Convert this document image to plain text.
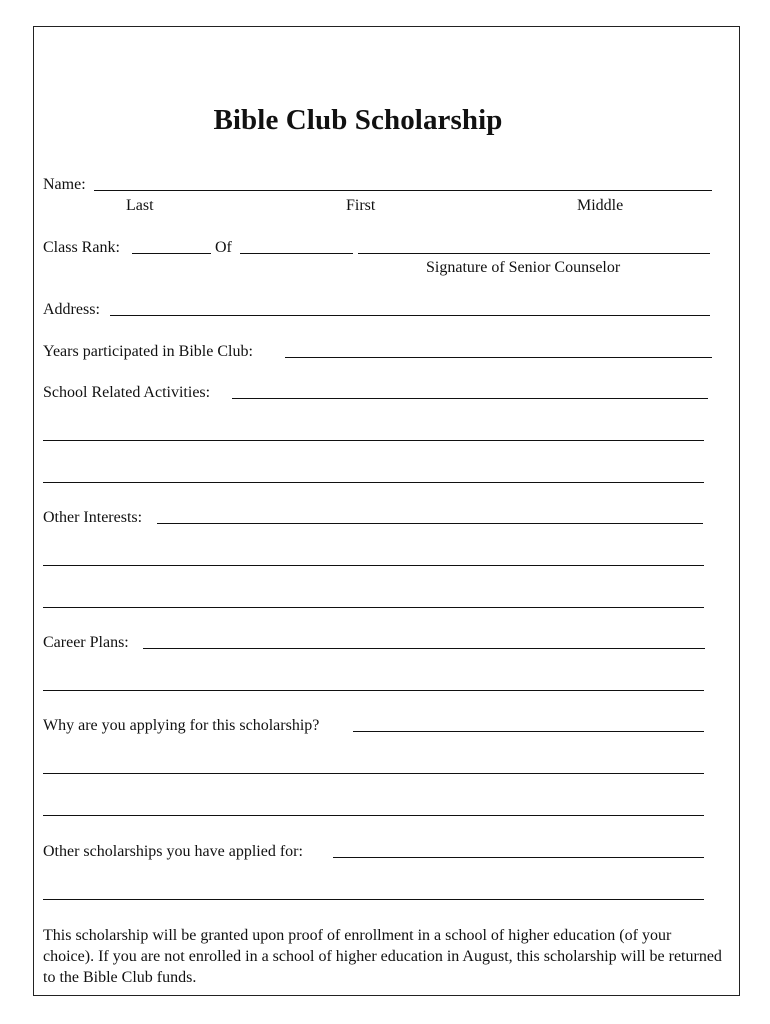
Bible Club Scholarship
Name:
Last	First	Middle
Class Rank:	Of
Signature of Senior Counselor
Address:
Years participated in Bible Club:
School Related Activities:
Other Interests:
Career Plans:
Why are you applying for this scholarship?
Other scholarships you have applied for:
This scholarship will be granted upon proof of enrollment in a school of higher education (of your choice). If you are not enrolled in a school of higher education in August, this scholarship will be returned to the Bible Club funds.
